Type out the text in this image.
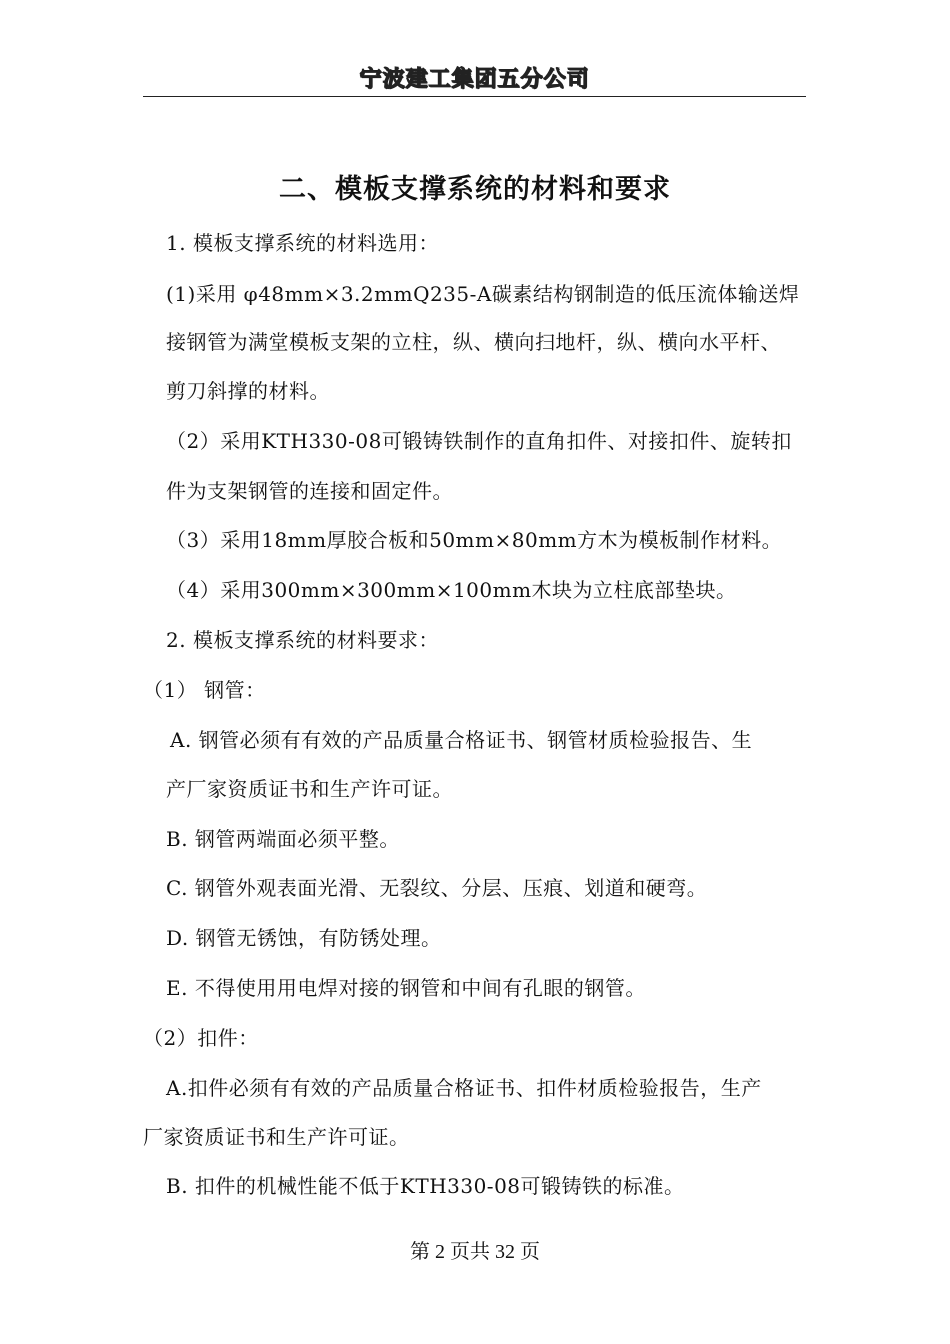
宁波建工集团五分公司
二、模板支撑系统的材料和要求
1. 模板支撑系统的材料选用：
(1)采用 φ48mm×3.2mmQ235-A碳素结构钢制造的低压流体输送焊
接钢管为满堂模板支架的立柱，纵、横向扫地杆，纵、横向水平杆、
剪刀斜撑的材料。
（2）采用KTH330-08可锻铸铁制作的直角扣件、对接扣件、旋转扣
件为支架钢管的连接和固定件。
（3）采用18mm厚胶合板和50mm×80mm方木为模板制作材料。
（4）采用300mm×300mm×100mm木块为立柱底部垫块。
2. 模板支撑系统的材料要求：
（1） 钢管：
A. 钢管必须有有效的产品质量合格证书、钢管材质检验报告、生
产厂家资质证书和生产许可证。
B. 钢管两端面必须平整。
C. 钢管外观表面光滑、无裂纹、分层、压痕、划道和硬弯。
D. 钢管无锈蚀，有防锈处理。
E. 不得使用用电焊对接的钢管和中间有孔眼的钢管。
（2）扣件：
A.扣件必须有有效的产品质量合格证书、扣件材质检验报告，生产
厂家资质证书和生产许可证。
B. 扣件的机械性能不低于KTH330-08可锻铸铁的标准。
第 2 页共 32 页
